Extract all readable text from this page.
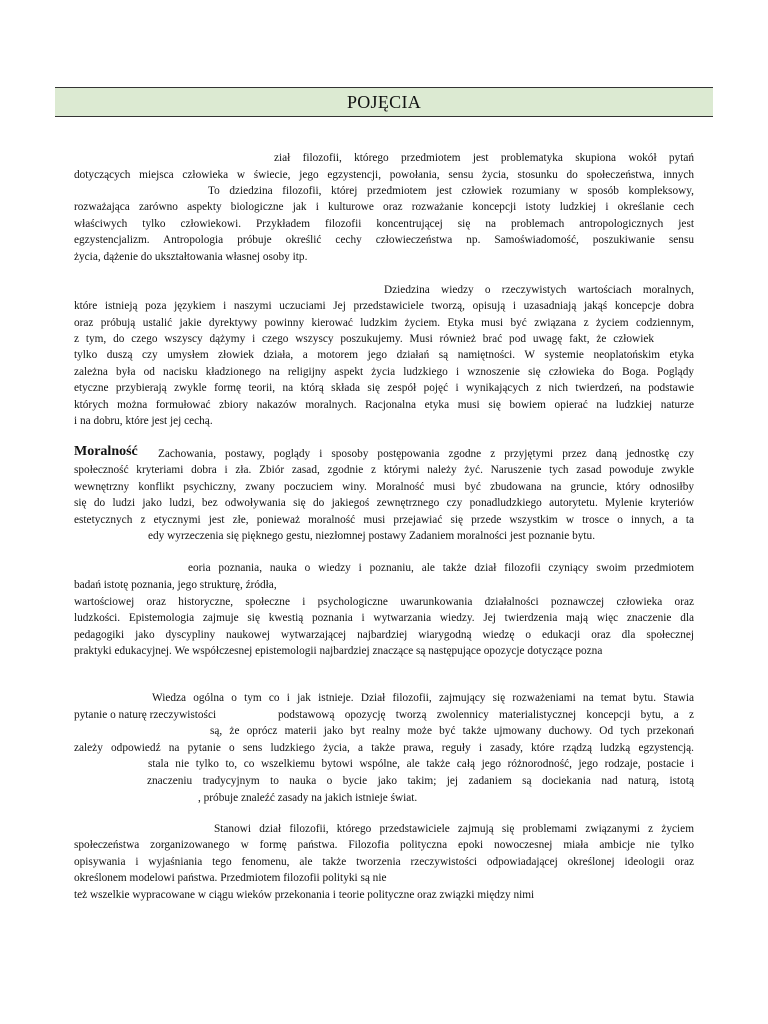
POJĘCIA
ział filozofii, którego przedmiotem jest problematyka skupiona wokół pytań
dotyczących miejsca człowieka w świecie, jego egzystencji, powołania, sensu życia, stosunku do społeczeństwa, innych
To dziedzina filozofii, której przedmiotem jest człowiek rozumiany w sposób kompleksowy,
rozważająca zarówno aspekty biologiczne jak i kulturowe oraz rozważanie koncepcji istoty ludzkiej i określanie cech
właściwych tylko człowiekowi. Przykładem filozofii koncentrującej się na problemach antropologicznych jest
egzystencjalizm. Antropologia próbuje określić cechy człowieczeństwa np. Samoświadomość, poszukiwanie sensu
życia, dążenie do ukształtowania własnej osoby itp.
Dziedzina wiedzy o rzeczywistych wartościach moralnych,
które istnieją poza językiem i naszymi uczuciami Jej przedstawiciele tworzą, opisują i uzasadniają jakąś koncepcje dobra
oraz próbują ustalić jakie dyrektywy powinny kierować ludzkim życiem. Etyka musi być związana z życiem codziennym,
z tym, do czego wszyscy dążymy i czego wszyscy poszukujemy. Musi również brać pod uwagę fakt, że człowiek
tylko duszą czy umysłem złowiek działa, a motorem jego działań są namiętności. W systemie neoplatońskim etyka
zależna była od nacisku kładzionego na religijny aspekt życia ludzkiego i wznoszenie się człowieka do Boga. Poglądy
etyczne przybierają zwykle formę teorii, na którą składa się zespół pojęć i wynikających z nich twierdzeń, na podstawie
których można formułować zbiory nakazów moralnych. Racjonalna etyka musi się bowiem opierać na ludzkiej naturze
i na dobru, które jest jej cechą.
Moralność Zachowania, postawy, poglądy i sposoby postępowania zgodne z przyjętymi przez daną jednostkę czy
społeczność kryteriami dobra i zła. Zbiór zasad, zgodnie z którymi należy żyć. Naruszenie tych zasad powoduje zwykle
wewnętrzny konflikt psychiczny, zwany poczuciem winy. Moralność musi być zbudowana na gruncie, który odnosiłby
się do ludzi jako ludzi, bez odwoływania się do jakiegoś zewnętrznego czy ponadludzkiego autorytetu. Mylenie kryteriów
estetycznych z etycznymi jest złe, ponieważ moralność musi przejawiać się przede wszystkim w trosce o innych, a ta
edy wyrzeczenia się pięknego gestu, niezłomnej postawy Zadaniem moralności jest poznanie bytu.
eoria poznania, nauka o wiedzy i poznaniu, ale także dział filozofii czyniący swoim przedmiotem
badań istotę poznania, jego strukturę, źródła,
wartościowej oraz historyczne, społeczne i psychologiczne uwarunkowania działalności poznawczej człowieka oraz
ludzkości. Epistemologia zajmuje się kwestią poznania i wytwarzania wiedzy. Jej twierdzenia mają więc znaczenie dla
pedagogiki jako dyscypliny naukowej wytwarzającej najbardziej wiarygodną wiedzę o edukacji oraz dla społecznej
praktyki edukacyjnej. We współczesnej epistemologii najbardziej znaczące są następujące opozycje dotyczące pozna
Wiedza ogólna o tym co i jak istnieje. Dział filozofii, zajmujący się rozważeniami na temat bytu. Stawia
pytanie o naturę rzeczywistości	podstawową opozycję tworzą zwolennicy materialistycznej koncepcji bytu, a z
są, że oprócz materii jako byt realny może być także ujmowany duchowy. Od tych przekonań
zależy odpowiedź na pytanie o sens ludzkiego życia, a także prawa, reguły i zasady, które rządzą ludzką egzystencją.
stala nie tylko to, co wszelkiemu bytowi wspólne, ale także całą jego różnorodność, jego rodzaje, postacie i
znaczeniu tradycyjnym to nauka o bycie jako takim; jej zadaniem są dociekania nad naturą, istotą
, próbuje znaleźć zasady na jakich istnieje świat.
Stanowi dział filozofii, którego przedstawiciele zajmują się problemami związanymi z życiem
społeczeństwa zorganizowanego w formę państwa. Filozofia polityczna epoki nowoczesnej miała ambicje nie tylko
opisywania i wyjaśniania tego fenomenu, ale także tworzenia rzeczywistości odpowiadającej określonej ideologii oraz
określonem modelowi państwa. Przedmiotem filozofii polityki są nie
też wszelkie wypracowane w ciągu wieków przekonania i teorie polityczne oraz związki między nimi
